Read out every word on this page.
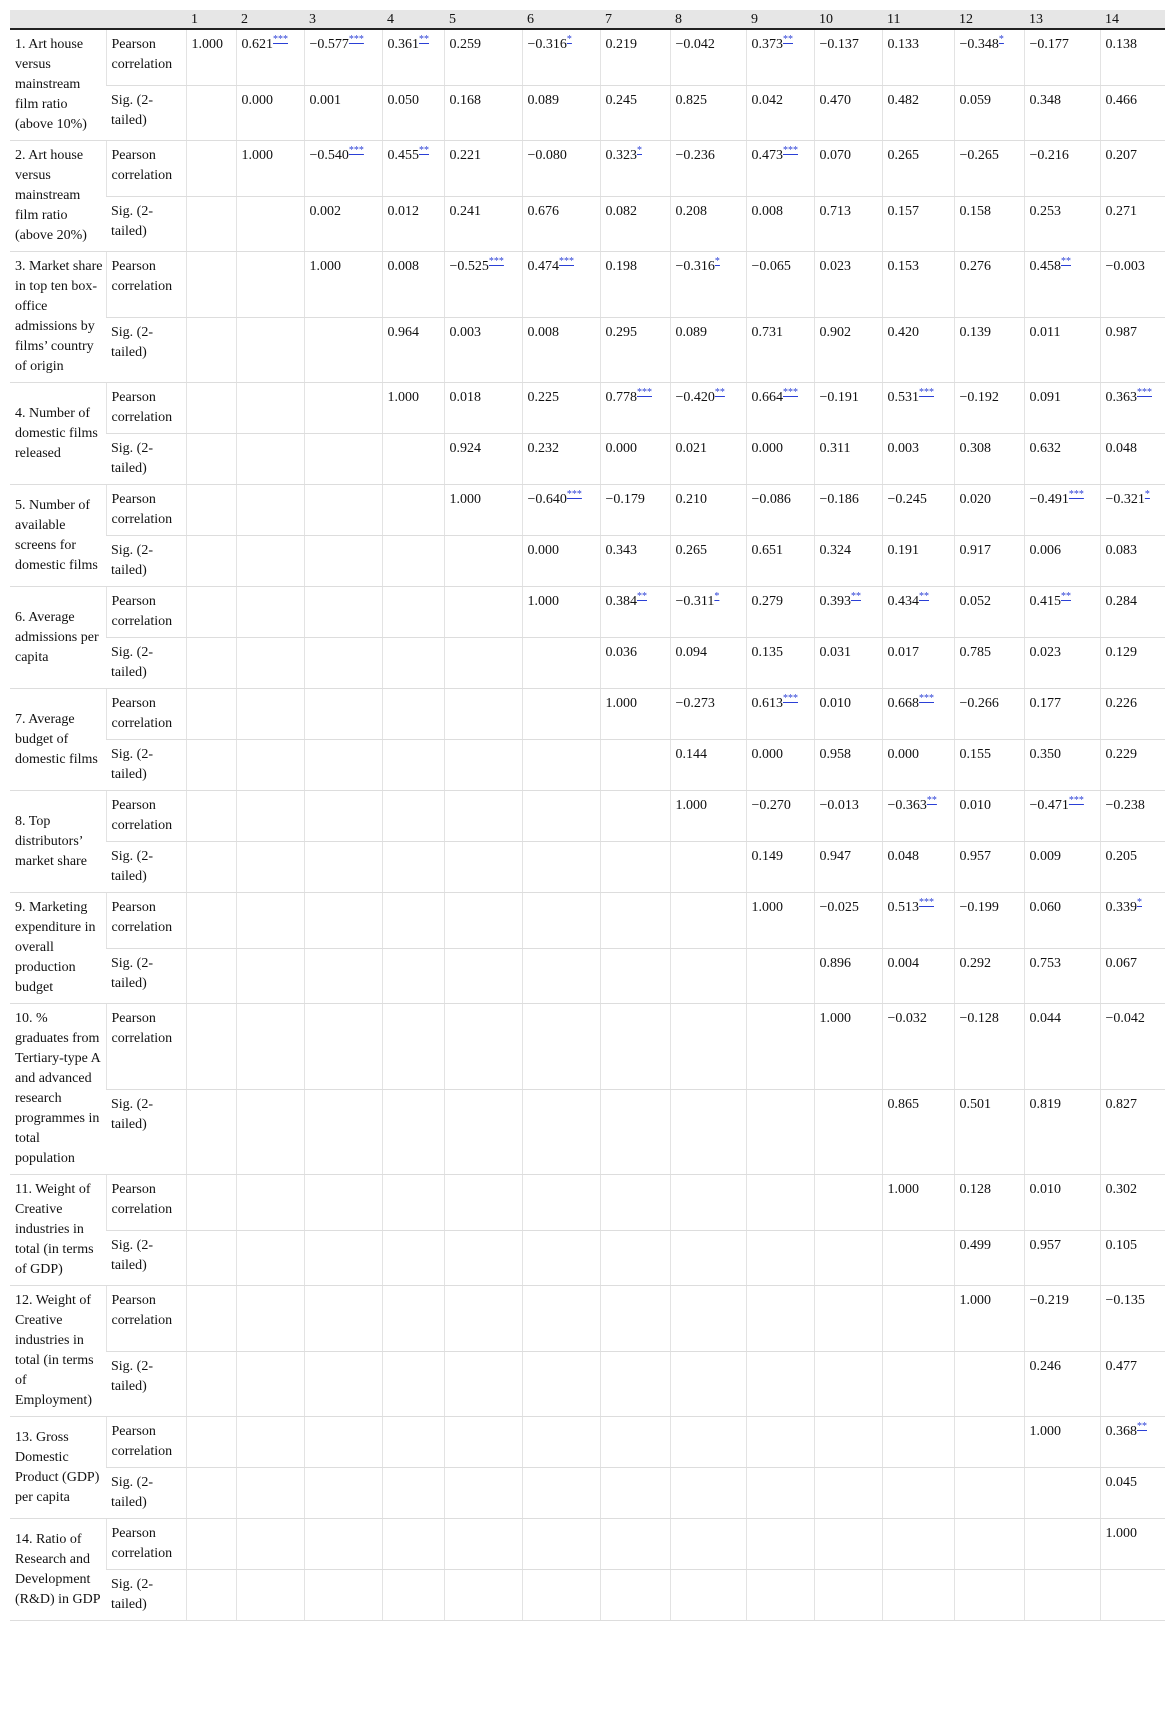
		1	2	3	4	5	6	7	8	9	10	11	12	13	14
1. Art house versus mainstream film ratio (above 10%)	Pearson correlation	1.000	0.621***	−0.577***	0.361**	0.259	−0.316*	0.219	−0.042	0.373**	−0.137	0.133	−0.348*	−0.177	0.138
	Sig. (2-tailed)		0.000	0.001	0.050	0.168	0.089	0.245	0.825	0.042	0.470	0.482	0.059	0.348	0.466
2. Art house versus mainstream film ratio (above 20%)	Pearson correlation		1.000	−0.540***	0.455**	0.221	−0.080	0.323*	−0.236	0.473***	0.070	0.265	−0.265	−0.216	0.207
	Sig. (2-tailed)			0.002	0.012	0.241	0.676	0.082	0.208	0.008	0.713	0.157	0.158	0.253	0.271
3. Market share in top ten box-office admissions by films’ country of origin	Pearson correlation			1.000	0.008	−0.525***	0.474***	0.198	−0.316*	−0.065	0.023	0.153	0.276	0.458**	−0.003
	Sig. (2-tailed)				0.964	0.003	0.008	0.295	0.089	0.731	0.902	0.420	0.139	0.011	0.987
4. Number of domestic films released	Pearson correlation				1.000	0.018	0.225	0.778***	−0.420**	0.664***	−0.191	0.531***	−0.192	0.091	0.363***
	Sig. (2-tailed)					0.924	0.232	0.000	0.021	0.000	0.311	0.003	0.308	0.632	0.048
5. Number of available screens for domestic films	Pearson correlation					1.000	−0.640***	−0.179	0.210	−0.086	−0.186	−0.245	0.020	−0.491***	−0.321*
	Sig. (2-tailed)						0.000	0.343	0.265	0.651	0.324	0.191	0.917	0.006	0.083
6. Average admissions per capita	Pearson correlation						1.000	0.384**	−0.311*	0.279	0.393**	0.434**	0.052	0.415**	0.284
	Sig. (2-tailed)							0.036	0.094	0.135	0.031	0.017	0.785	0.023	0.129
7. Average budget of domestic films	Pearson correlation							1.000	−0.273	0.613***	0.010	0.668***	−0.266	0.177	0.226
	Sig. (2-tailed)								0.144	0.000	0.958	0.000	0.155	0.350	0.229
8. Top distributors’ market share	Pearson correlation								1.000	−0.270	−0.013	−0.363**	0.010	−0.471***	−0.238
	Sig. (2-tailed)									0.149	0.947	0.048	0.957	0.009	0.205
9. Marketing expenditure in overall production budget	Pearson correlation									1.000	−0.025	0.513***	−0.199	0.060	0.339*
	Sig. (2-tailed)										0.896	0.004	0.292	0.753	0.067
10. % graduates from Tertiary-type A and advanced research programmes in total population	Pearson correlation										1.000	−0.032	−0.128	0.044	−0.042
	Sig. (2-tailed)											0.865	0.501	0.819	0.827
11. Weight of Creative industries in total (in terms of GDP)	Pearson correlation											1.000	0.128	0.010	0.302
	Sig. (2-tailed)												0.499	0.957	0.105
12. Weight of Creative industries in total (in terms of Employment)	Pearson correlation												1.000	−0.219	−0.135
	Sig. (2-tailed)													0.246	0.477
13. Gross Domestic Product (GDP) per capita	Pearson correlation													1.000	0.368**
	Sig. (2-tailed)														0.045
14. Ratio of Research and Development (R&D) in GDP	Pearson correlation														1.000
	Sig. (2-tailed)														
